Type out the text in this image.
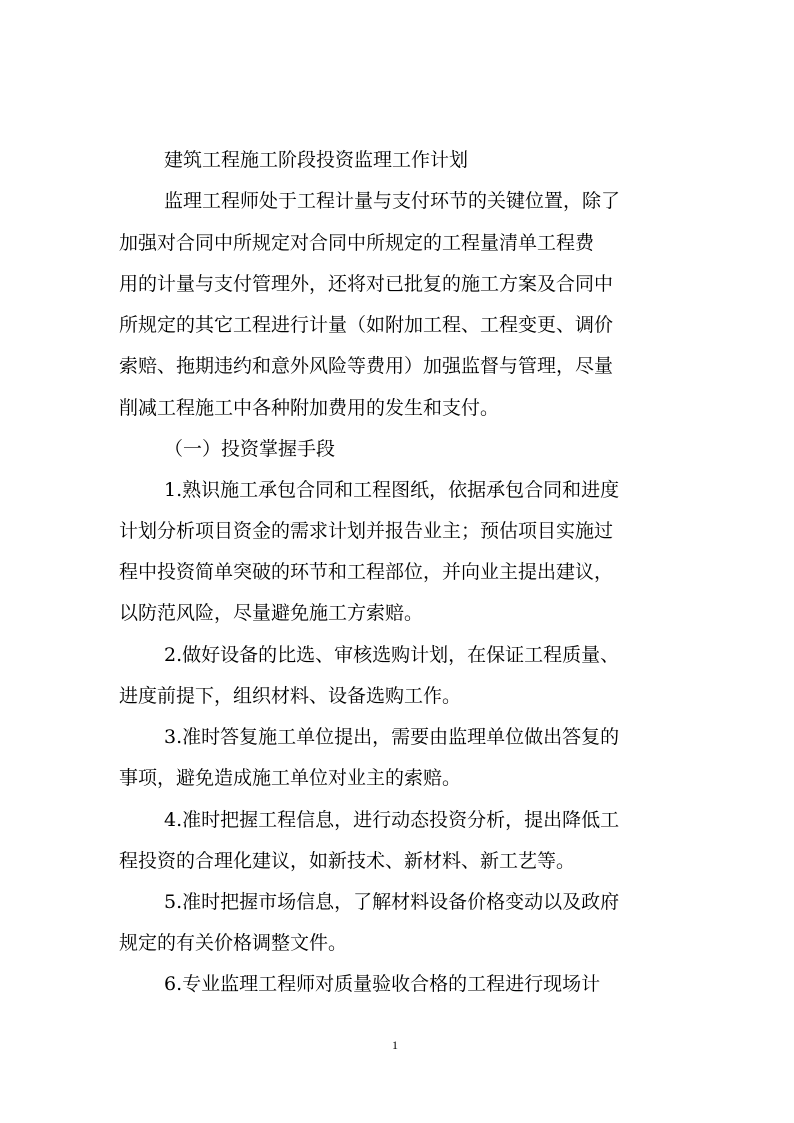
建筑工程施工阶段投资监理工作计划
监理工程师处于工程计量与支付环节的关键位置，除了
加强对合同中所规定对合同中所规定的工程量清单工程费
用的计量与支付管理外，还将对已批复的施工方案及合同中
所规定的其它工程进行计量（如附加工程、工程变更、调价
索赔、拖期违约和意外风险等费用）加强监督与管理，尽量
削减工程施工中各种附加费用的发生和支付。
（一）投资掌握手段
1.熟识施工承包合同和工程图纸，依据承包合同和进度
计划分析项目资金的需求计划并报告业主；预估项目实施过
程中投资简单突破的环节和工程部位，并向业主提出建议，
以防范风险，尽量避免施工方索赔。
2.做好设备的比选、审核选购计划，在保证工程质量、
进度前提下，组织材料、设备选购工作。
3.准时答复施工单位提出，需要由监理单位做出答复的
事项，避免造成施工单位对业主的索赔。
4.准时把握工程信息，进行动态投资分析，提出降低工
程投资的合理化建议，如新技术、新材料、新工艺等。
5.准时把握市场信息，了解材料设备价格变动以及政府
规定的有关价格调整文件。
6.专业监理工程师对质量验收合格的工程进行现场计
1
